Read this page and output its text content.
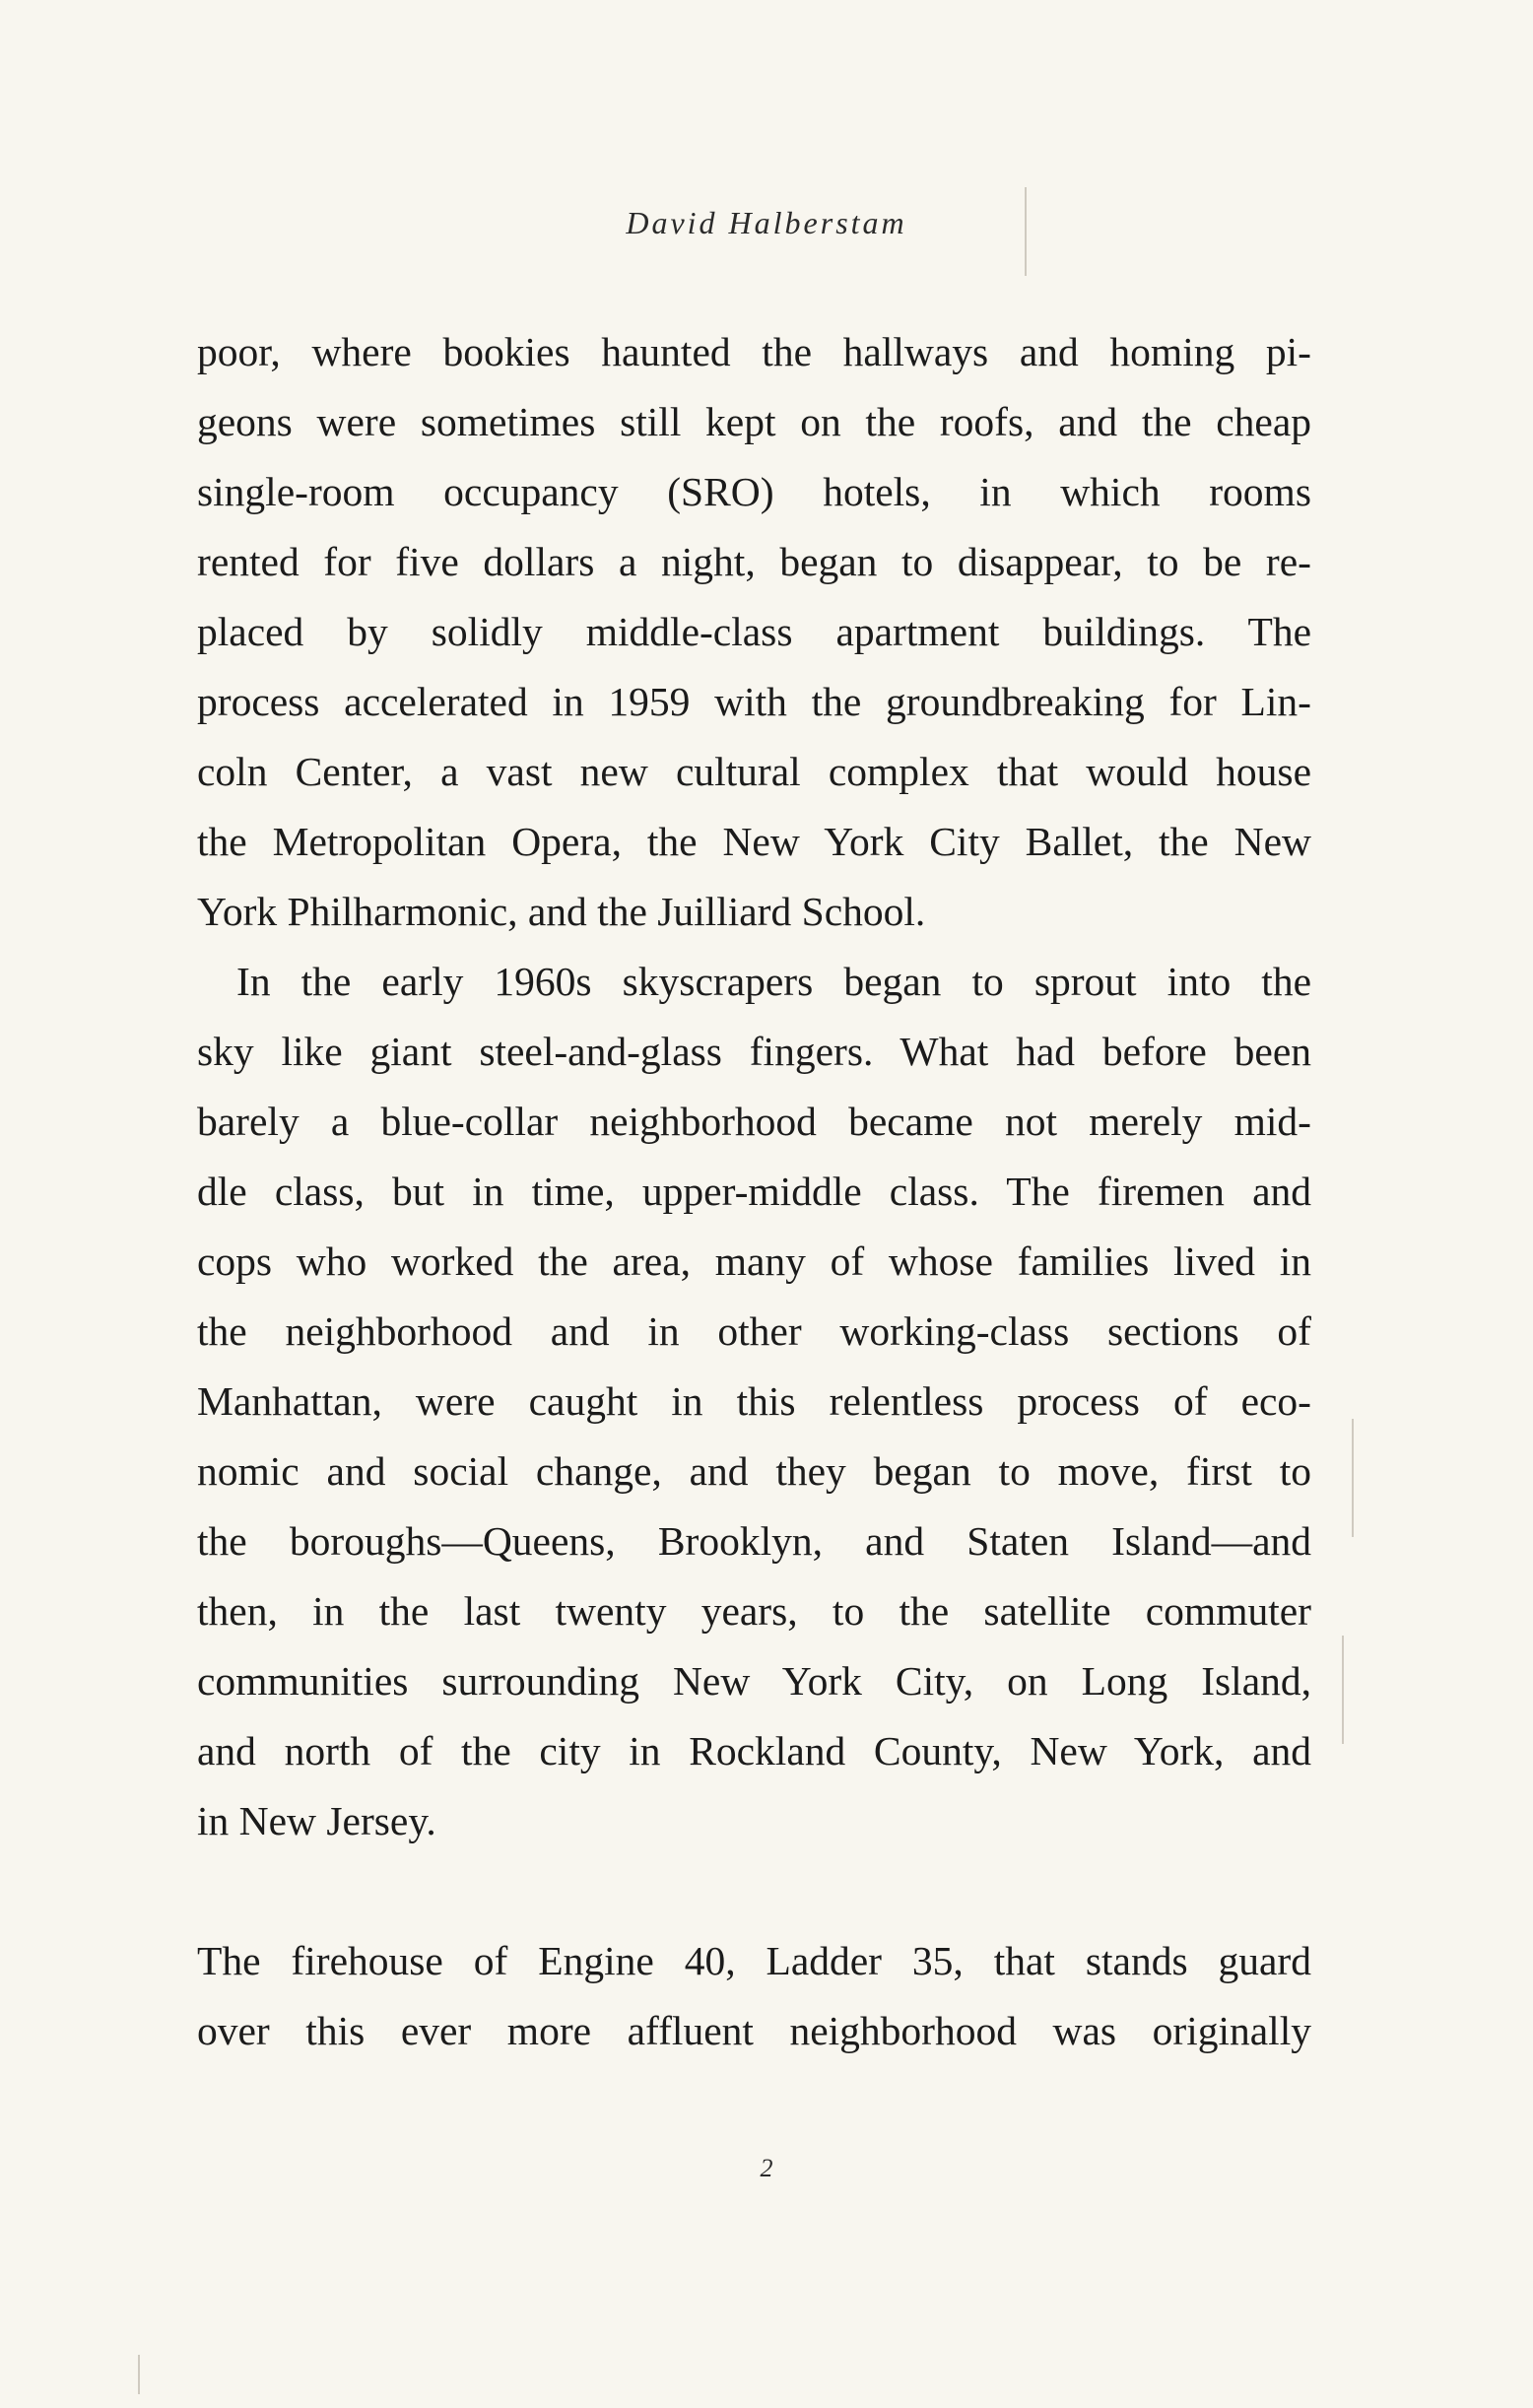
David Halberstam
poor, where bookies haunted the hallways and homing pi-
geons were sometimes still kept on the roofs, and the cheap
single-room occupancy (SRO) hotels, in which rooms
rented for five dollars a night, began to disappear, to be re-
placed by solidly middle-class apartment buildings. The
process accelerated in 1959 with the groundbreaking for Lin-
coln Center, a vast new cultural complex that would house
the Metropolitan Opera, the New York City Ballet, the New
York Philharmonic, and the Juilliard School.
In the early 1960s skyscrapers began to sprout into the
sky like giant steel-and-glass fingers. What had before been
barely a blue-collar neighborhood became not merely mid-
dle class, but in time, upper-middle class. The firemen and
cops who worked the area, many of whose families lived in
the neighborhood and in other working-class sections of
Manhattan, were caught in this relentless process of eco-
nomic and social change, and they began to move, first to
the boroughs—Queens, Brooklyn, and Staten Island—and
then, in the last twenty years, to the satellite commuter
communities surrounding New York City, on Long Island,
and north of the city in Rockland County, New York, and
in New Jersey.
The firehouse of Engine 40, Ladder 35, that stands guard
over this ever more affluent neighborhood was originally
2
